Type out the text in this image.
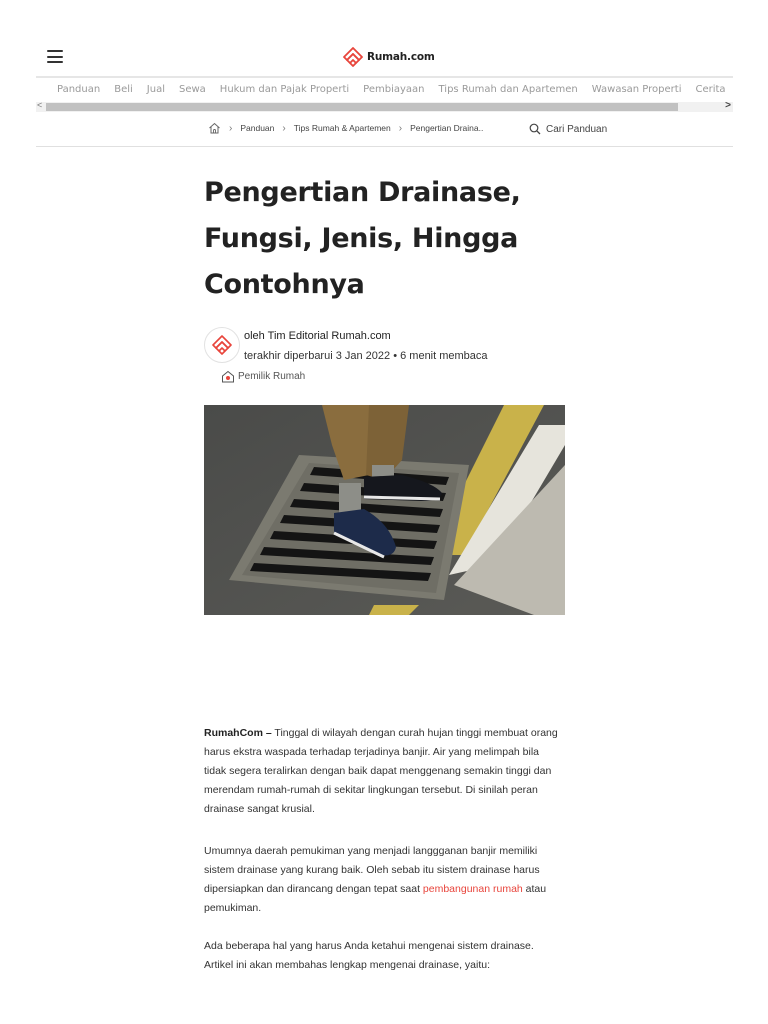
Rumah.com
Panduan Beli Jual Sewa Hukum dan Pajak Properti Pembiayaan Tips Rumah dan Apartemen Wawasan Properti Cerita
<	>
› Panduan › Tips Rumah & Apartemen › Pengertian Draina..	Cari Panduan
Pengertian Drainase, Fungsi, Jenis, Hingga Contohnya
oleh Tim Editorial Rumah.com
terakhir diperbarui 3 Jan 2022 • 6 menit membaca
Pemilik Rumah

RumahCom – Tinggal di wilayah dengan curah hujan tinggi membuat orang harus ekstra waspada terhadap terjadinya banjir. Air yang melimpah bila tidak segera teralirkan dengan baik dapat menggenang semakin tinggi dan merendam rumah-rumah di sekitar lingkungan tersebut. Di sinilah peran drainase sangat krusial.

Umumnya daerah pemukiman yang menjadi langgganan banjir memiliki sistem drainase yang kurang baik. Oleh sebab itu sistem drainase harus dipersiapkan dan dirancang dengan tepat saat pembangunan rumah atau pemukiman.

Ada beberapa hal yang harus Anda ketahui mengenai sistem drainase. Artikel ini akan membahas lengkap mengenai drainase, yaitu:
